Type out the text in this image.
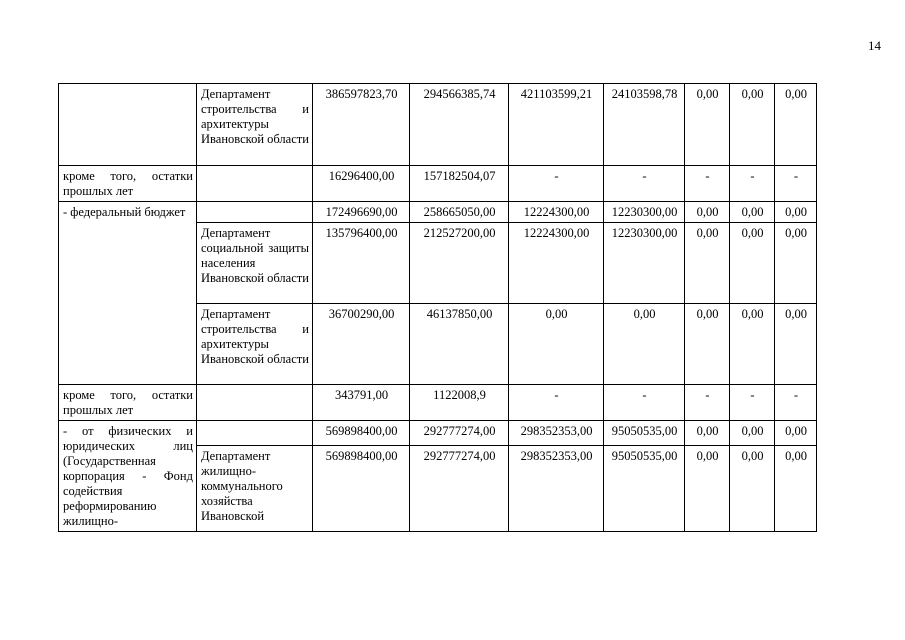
14
	Департамент строительства и архитектуры Ивановской области	386597823,70	294566385,74	421103599,21	24103598,78	0,00	0,00	0,00
кроме того, остатки прошлых лет		16296400,00	157182504,07	-	-	-	-	-
- федеральный бюджет		172496690,00	258665050,00	12224300,00	12230300,00	0,00	0,00	0,00
	Департамент социальной защиты населения Ивановской области	135796400,00	212527200,00	12224300,00	12230300,00	0,00	0,00	0,00
	Департамент строительства и архитектуры Ивановской области	36700290,00	46137850,00	0,00	0,00	0,00	0,00	0,00
кроме того, остатки прошлых лет		343791,00	1122008,9	-	-	-	-	-
- от физических и юридических лиц (Государственная корпорация - Фонд содействия реформированию жилищно-		569898400,00	292777274,00	298352353,00	95050535,00	0,00	0,00	0,00
	Департамент жилищно-коммунального хозяйства Ивановской	569898400,00	292777274,00	298352353,00	95050535,00	0,00	0,00	0,00
